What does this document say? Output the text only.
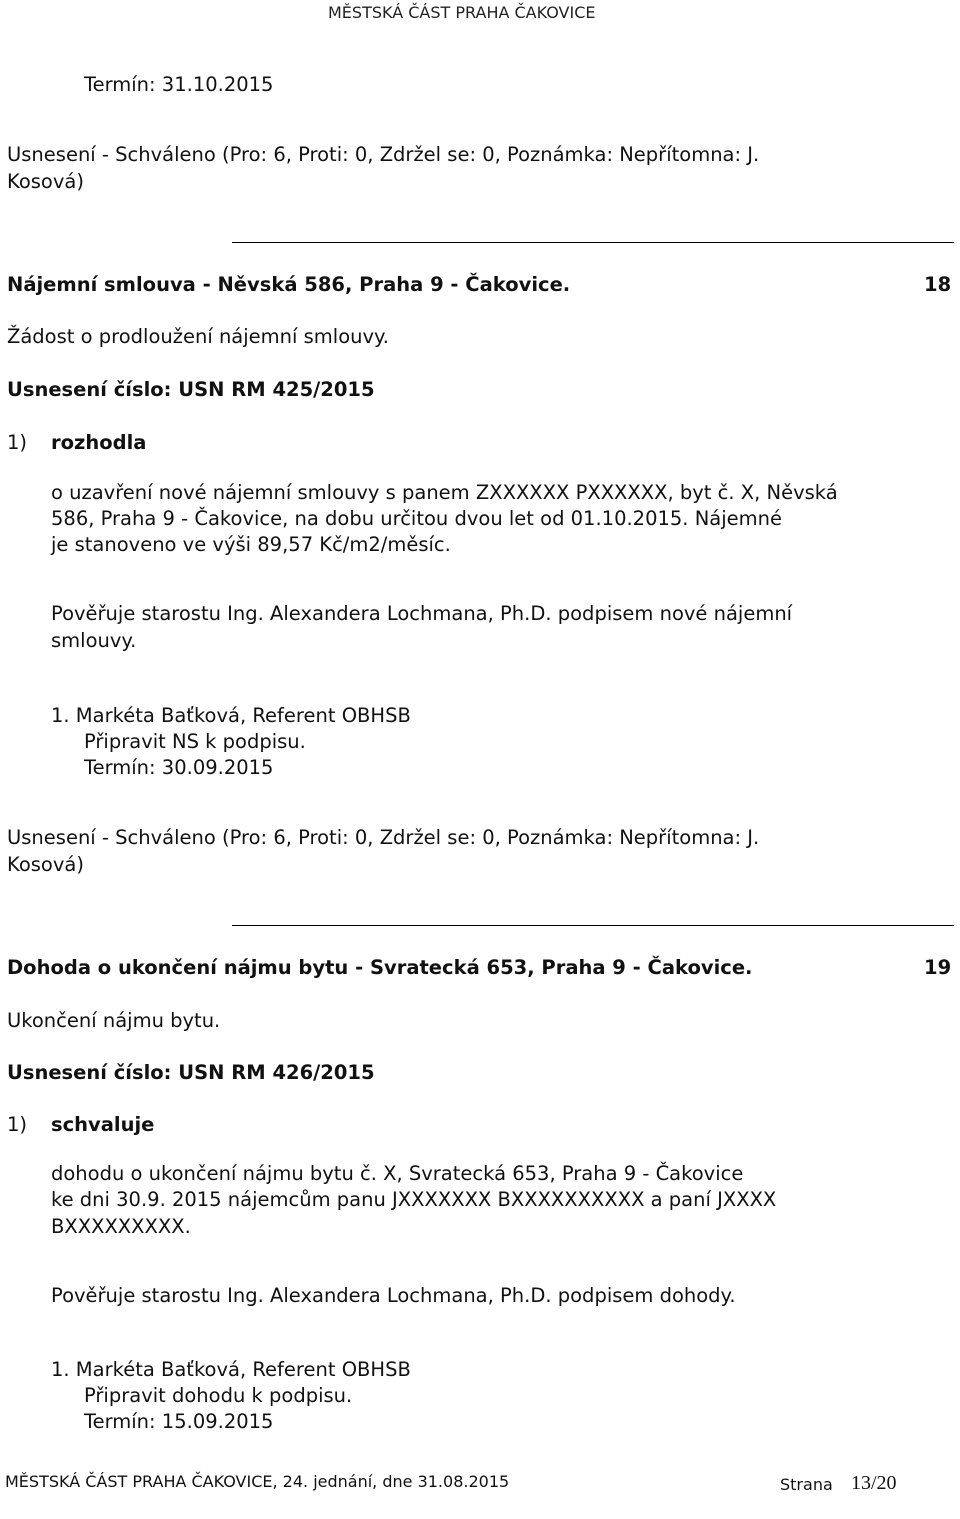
MĚSTSKÁ ČÁST PRAHA ČAKOVICE
Termín: 31.10.2015
Usnesení - Schváleno (Pro: 6, Proti: 0, Zdržel se: 0, Poznámka: Nepřítomna: J.
Kosová)
Nájemní smlouva - Něvská 586, Praha 9 - Čakovice.	18
Žádost o prodloužení nájemní smlouvy.
Usnesení číslo: USN RM 425/2015
1) rozhodla
o uzavření nové nájemní smlouvy s panem ZXXXXXX PXXXXXX, byt č. X, Něvská
586, Praha 9 - Čakovice, na dobu určitou dvou let od 01.10.2015. Nájemné
je stanoveno ve výši 89,57 Kč/m2/měsíc.
Pověřuje starostu Ing. Alexandera Lochmana, Ph.D. podpisem nové nájemní
smlouvy.
1. Markéta Baťková, Referent OBHSB
Připravit NS k podpisu.
Termín: 30.09.2015
Usnesení - Schváleno (Pro: 6, Proti: 0, Zdržel se: 0, Poznámka: Nepřítomna: J.
Kosová)
Dohoda o ukončení nájmu bytu - Svratecká 653, Praha 9 - Čakovice.	19
Ukončení nájmu bytu.
Usnesení číslo: USN RM 426/2015
1) schvaluje
dohodu o ukončení nájmu bytu č. X, Svratecká 653, Praha 9 - Čakovice
ke dni 30.9. 2015 nájemcům panu JXXXXXXX BXXXXXXXXXX a paní JXXXX
BXXXXXXXXX.
Pověřuje starostu Ing. Alexandera Lochmana, Ph.D. podpisem dohody.
1. Markéta Baťková, Referent OBHSB
Připravit dohodu k podpisu.
Termín: 15.09.2015
MĚSTSKÁ ČÁST PRAHA ČAKOVICE, 24. jednání, dne 31.08.2015	Strana 13/20
